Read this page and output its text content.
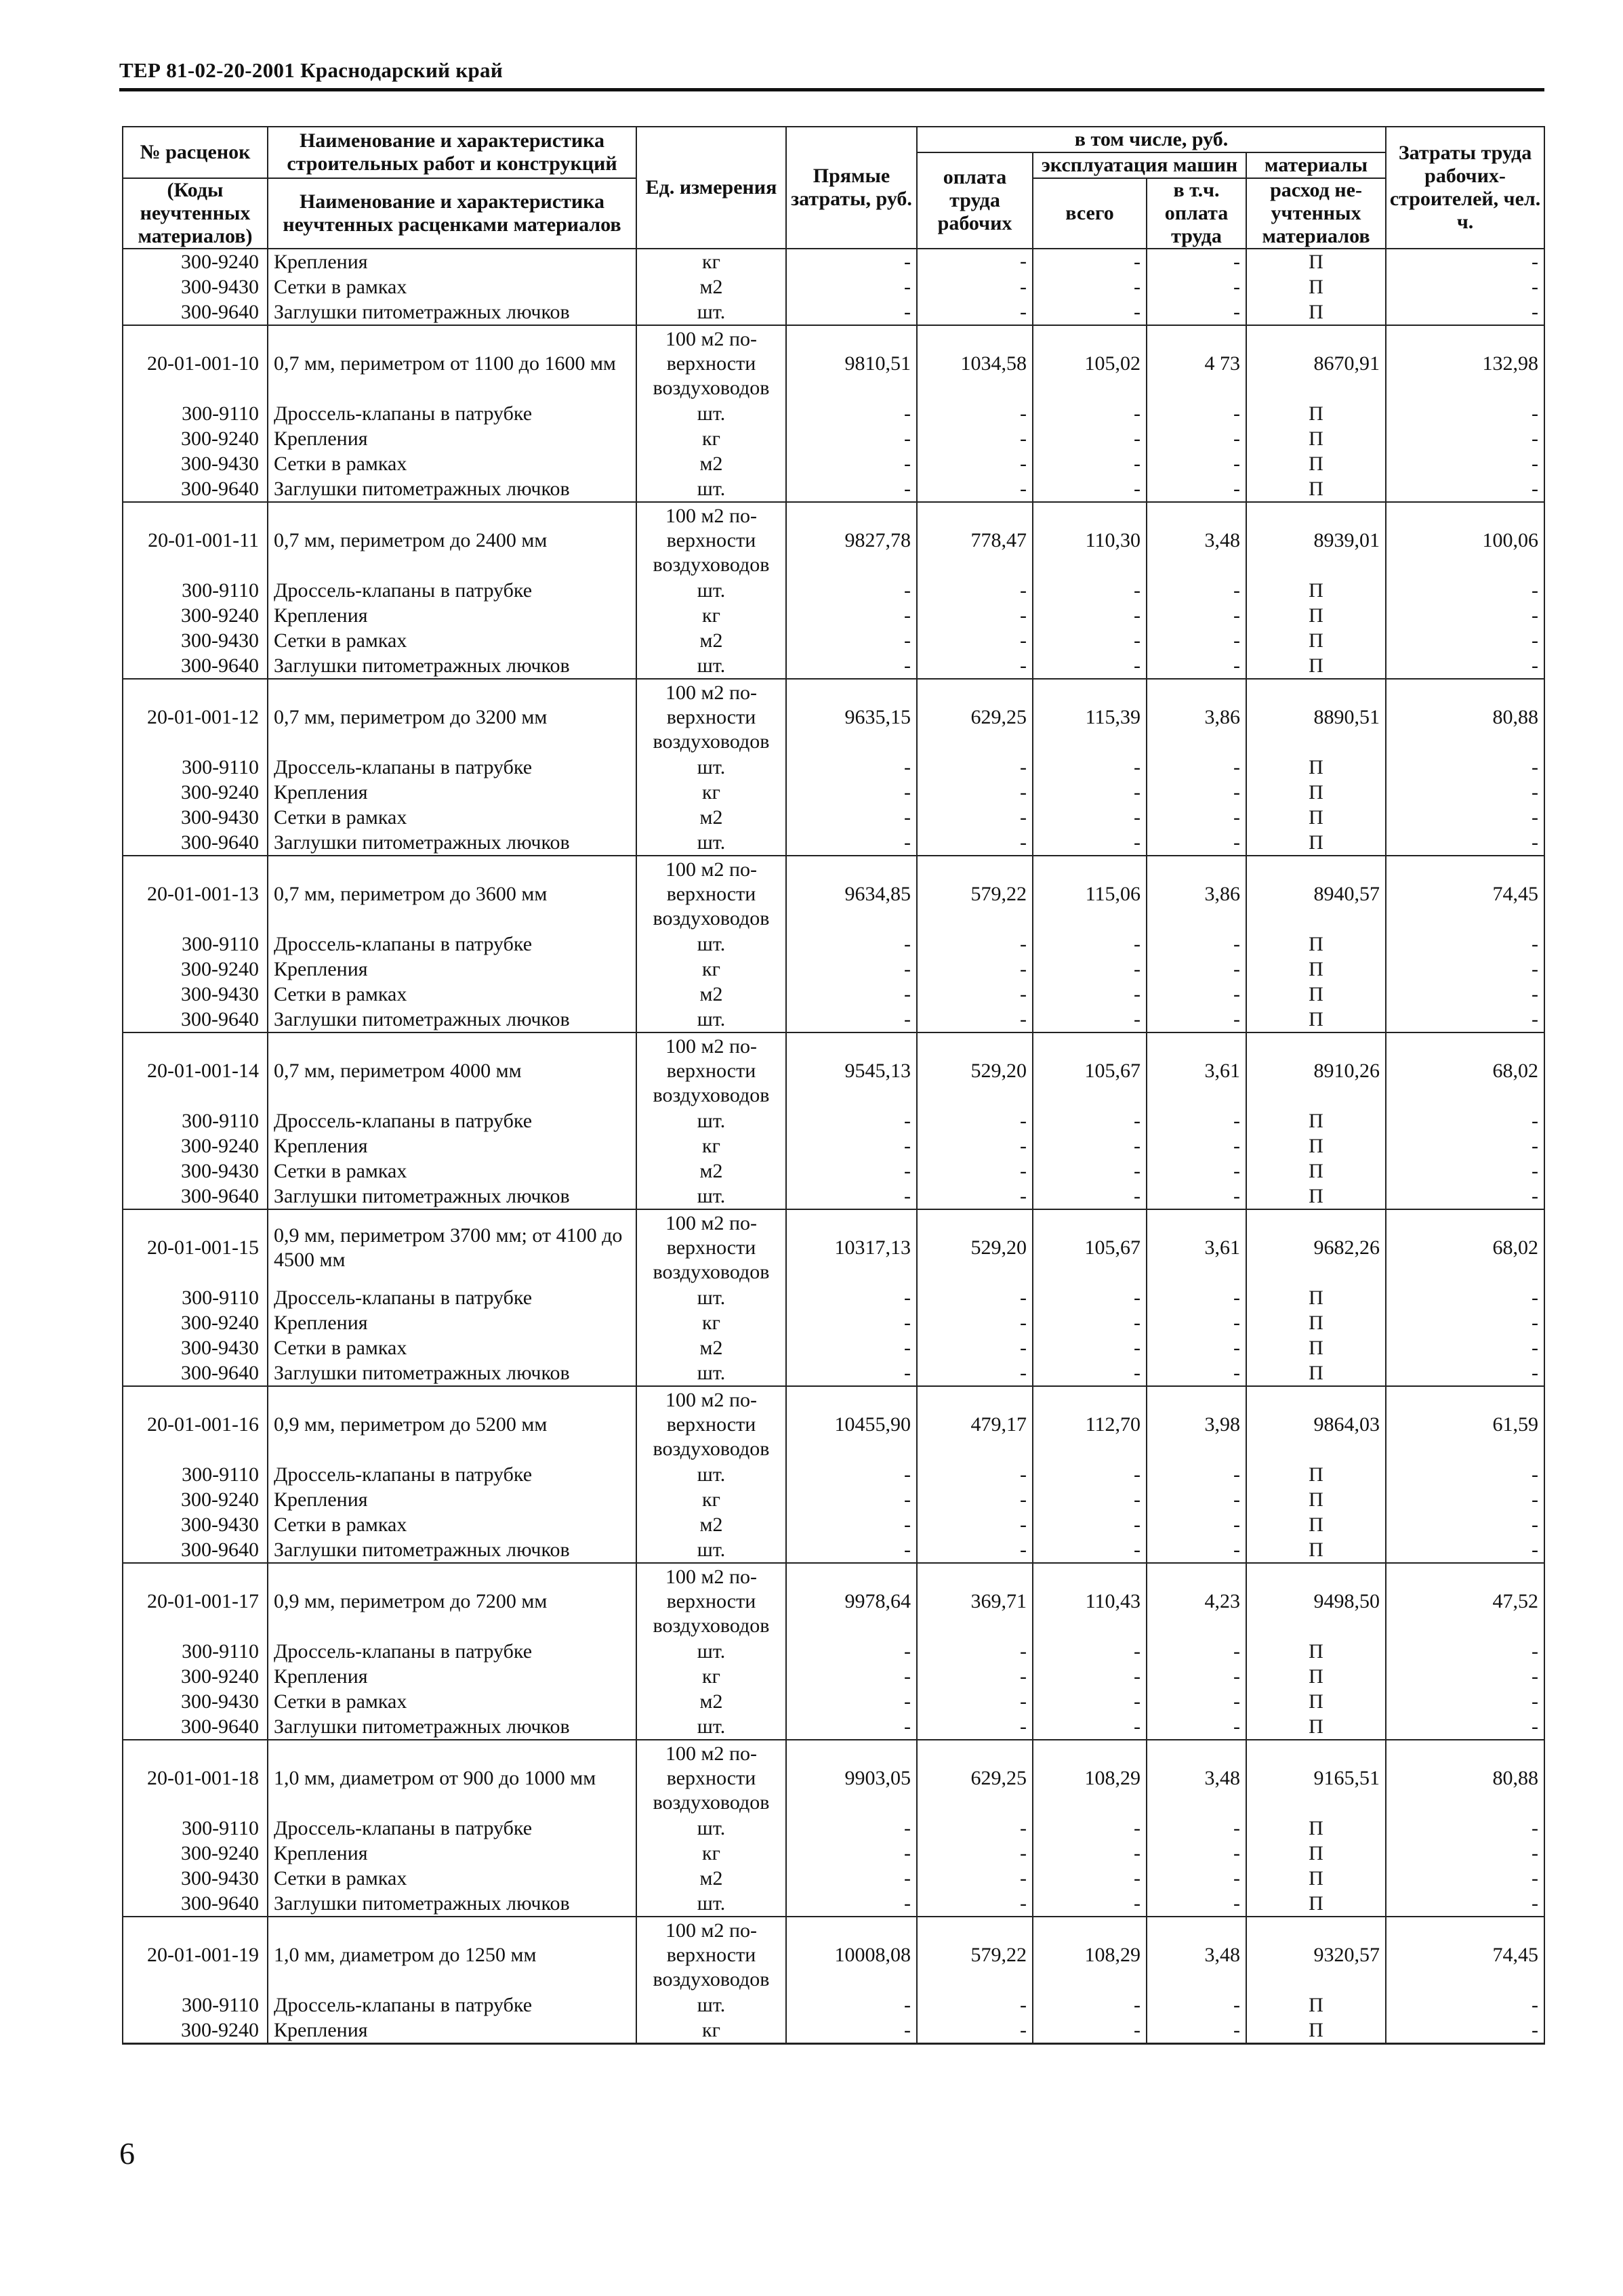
ТЕР 81-02-20-2001 Краснодарский край
№ расценок	Наименование и характеристика строительных работ и конструкций	Ед. измерения	Прямые затраты, руб.	в том числе, руб.				Затраты труда рабочих-строителей, чел. ч.
				оплата труда рабочих	эксплуатация машин		материалы	

(Коды неучтенных материалов)	Наименование и характеристика неучтенных расценками материалов				всего	в т.ч. оплата труда	расход не-учтенных материалов	

300-9240	Крепления	кг	-	-	-	-	П	-
300-9430	Сетки в рамках	м2	-	-	-	-	П	-
300-9640	Заглушки питометражных лючков	шт.	-	-	-	-	П	-
20-01-001-10	0,7 мм, периметром от 1100 до 1600 мм	100 м2 по-верхности воздуховодов	9810,51	1034,58	105,02	4 73	8670,91	132,98
300-9110	Дроссель-клапаны в патрубке	шт.	-	-	-	-	П	-
300-9240	Крепления	кг	-	-	-	-	П	-
300-9430	Сетки в рамках	м2	-	-	-	-	П	-
300-9640	Заглушки питометражных лючков	шт.	-	-	-	-	П	-
20-01-001-11	0,7 мм, периметром до 2400 мм	100 м2 по-верхности воздуховодов	9827,78	778,47	110,30	3,48	8939,01	100,06
300-9110	Дроссель-клапаны в патрубке	шт.	-	-	-	-	П	-
300-9240	Крепления	кг	-	-	-	-	П	-
300-9430	Сетки в рамках	м2	-	-	-	-	П	-
300-9640	Заглушки питометражных лючков	шт.	-	-	-	-	П	-
20-01-001-12	0,7 мм, периметром до 3200 мм	100 м2 по-верхности воздуховодов	9635,15	629,25	115,39	3,86	8890,51	80,88
300-9110	Дроссель-клапаны в патрубке	шт.	-	-	-	-	П	-
300-9240	Крепления	кг	-	-	-	-	П	-
300-9430	Сетки в рамках	м2	-	-	-	-	П	-
300-9640	Заглушки питометражных лючков	шт.	-	-	-	-	П	-
20-01-001-13	0,7 мм, периметром до 3600 мм	100 м2 по-верхности воздуховодов	9634,85	579,22	115,06	3,86	8940,57	74,45
300-9110	Дроссель-клапаны в патрубке	шт.	-	-	-	-	П	-
300-9240	Крепления	кг	-	-	-	-	П	-
300-9430	Сетки в рамках	м2	-	-	-	-	П	-
300-9640	Заглушки питометражных лючков	шт.	-	-	-	-	П	-
20-01-001-14	0,7 мм, периметром 4000 мм	100 м2 по-верхности воздуховодов	9545,13	529,20	105,67	3,61	8910,26	68,02
300-9110	Дроссель-клапаны в патрубке	шт.	-	-	-	-	П	-
300-9240	Крепления	кг	-	-	-	-	П	-
300-9430	Сетки в рамках	м2	-	-	-	-	П	-
300-9640	Заглушки питометражных лючков	шт.	-	-	-	-	П	-
20-01-001-15	0,9 мм, периметром 3700 мм; от 4100 до 4500 мм	100 м2 по-верхности воздуховодов	10317,13	529,20	105,67	3,61	9682,26	68,02
300-9110	Дроссель-клапаны в патрубке	шт.	-	-	-	-	П	-
300-9240	Крепления	кг	-	-	-	-	П	-
300-9430	Сетки в рамках	м2	-	-	-	-	П	-
300-9640	Заглушки питометражных лючков	шт.	-	-	-	-	П	-
20-01-001-16	0,9 мм, периметром до 5200 мм	100 м2 по-верхности воздуховодов	10455,90	479,17	112,70	3,98	9864,03	61,59
300-9110	Дроссель-клапаны в патрубке	шт.	-	-	-	-	П	-
300-9240	Крепления	кг	-	-	-	-	П	-
300-9430	Сетки в рамках	м2	-	-	-	-	П	-
300-9640	Заглушки питометражных лючков	шт.	-	-	-	-	П	-
20-01-001-17	0,9 мм, периметром до 7200 мм	100 м2 по-верхности воздуховодов	9978,64	369,71	110,43	4,23	9498,50	47,52
300-9110	Дроссель-клапаны в патрубке	шт.	-	-	-	-	П	-
300-9240	Крепления	кг	-	-	-	-	П	-
300-9430	Сетки в рамках	м2	-	-	-	-	П	-
300-9640	Заглушки питометражных лючков	шт.	-	-	-	-	П	-
20-01-001-18	1,0 мм, диаметром от 900 до 1000 мм	100 м2 по-верхности воздуховодов	9903,05	629,25	108,29	3,48	9165,51	80,88
300-9110	Дроссель-клапаны в патрубке	шт.	-	-	-	-	П	-
300-9240	Крепления	кг	-	-	-	-	П	-
300-9430	Сетки в рамках	м2	-	-	-	-	П	-
300-9640	Заглушки питометражных лючков	шт.	-	-	-	-	П	-
20-01-001-19	1,0 мм, диаметром до 1250 мм	100 м2 по-верхности воздуховодов	10008,08	579,22	108,29	3,48	9320,57	74,45
300-9110	Дроссель-клапаны в патрубке	шт.	-	-	-	-	П	-
300-9240	Крепления	кг	-	-	-	-	П	-
6
